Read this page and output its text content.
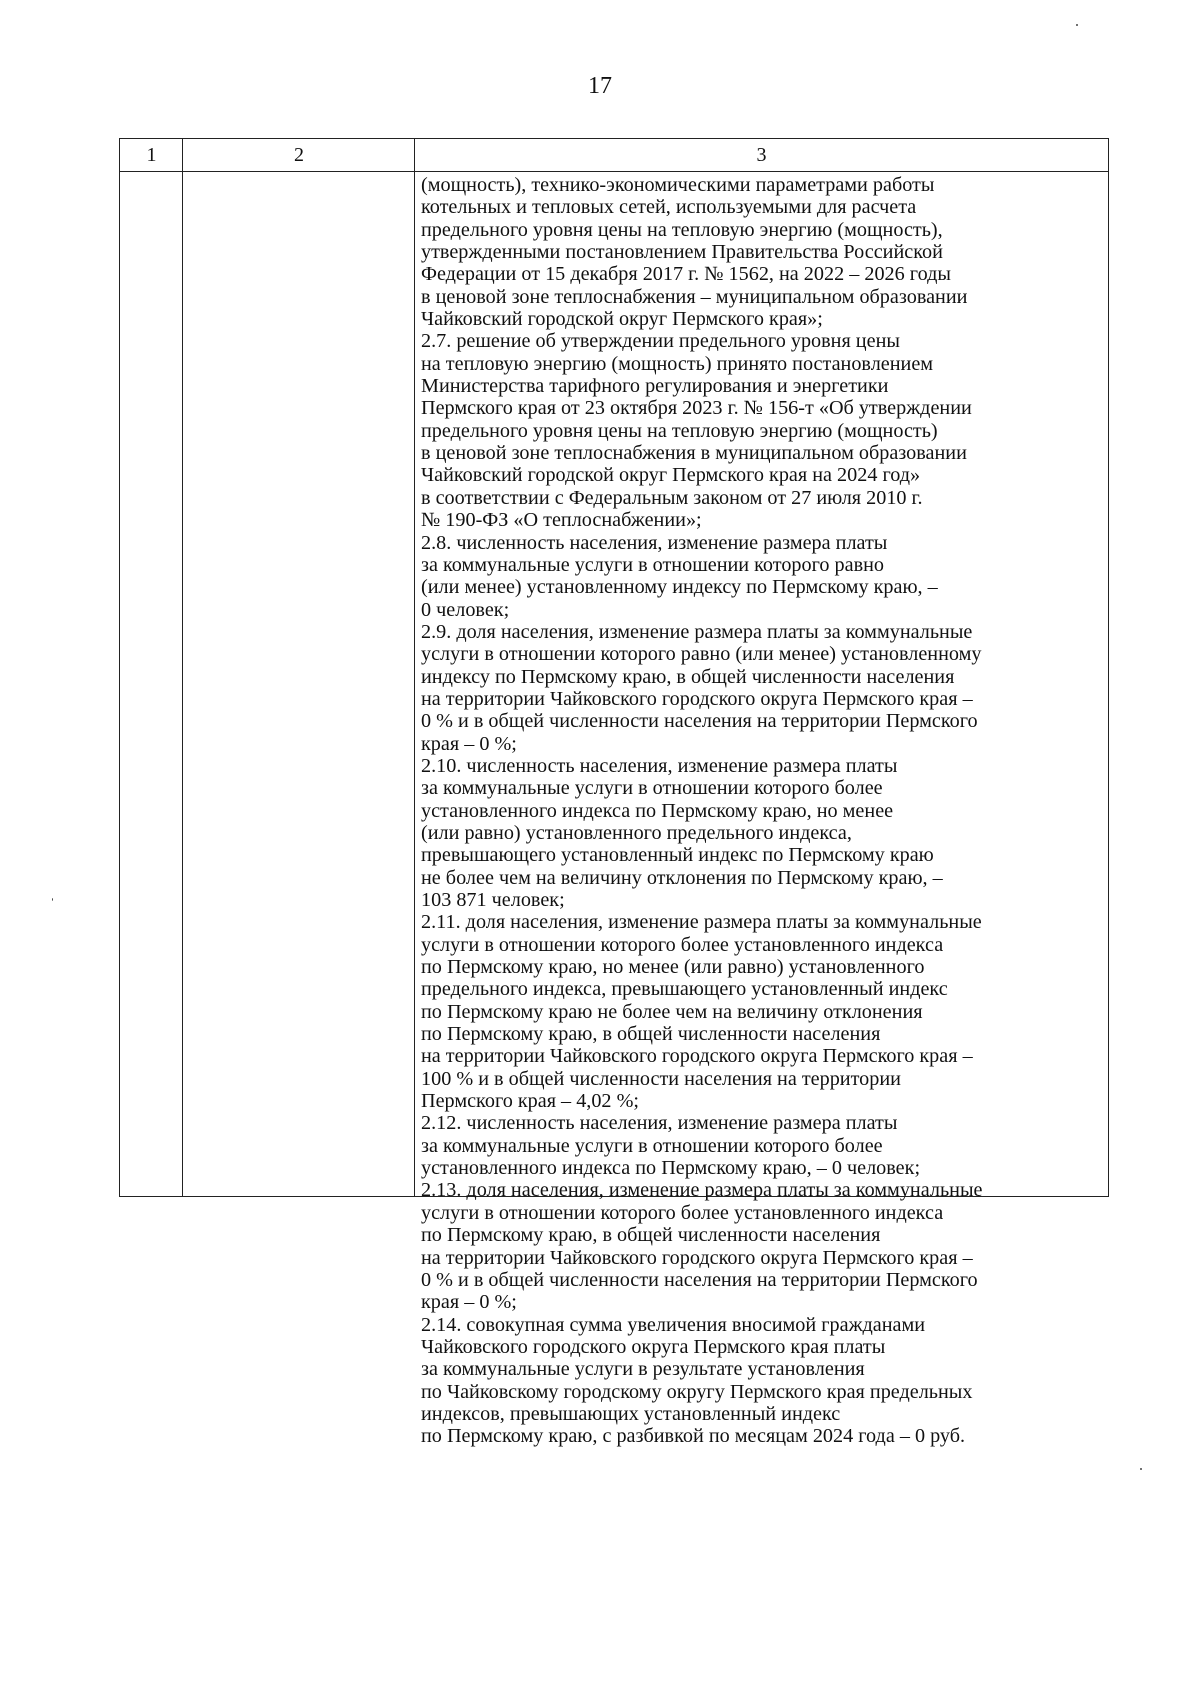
17
1	2	3
(мощность), технико-экономическими параметрами работы
котельных и тепловых сетей, используемыми для расчета
предельного уровня цены на тепловую энергию (мощность),
утвержденными постановлением Правительства Российской
Федерации от 15 декабря 2017 г. № 1562, на 2022 – 2026 годы
в ценовой зоне теплоснабжения – муниципальном образовании
Чайковский городской округ Пермского края»;
2.7. решение об утверждении предельного уровня цены
на тепловую энергию (мощность) принято постановлением
Министерства тарифного регулирования и энергетики
Пермского края от 23 октября 2023 г. № 156-т «Об утверждении
предельного уровня цены на тепловую энергию (мощность)
в ценовой зоне теплоснабжения в муниципальном образовании
Чайковский городской округ Пермского края на 2024 год»
в соответствии с Федеральным законом от 27 июля 2010 г.
№ 190-ФЗ «О теплоснабжении»;
2.8. численность населения, изменение размера платы
за коммунальные услуги в отношении которого равно
(или менее) установленному индексу по Пермскому краю, –
0 человек;
2.9. доля населения, изменение размера платы за коммунальные
услуги в отношении которого равно (или менее) установленному
индексу по Пермскому краю, в общей численности населения
на территории Чайковского городского округа Пермского края –
0 % и в общей численности населения на территории Пермского
края – 0 %;
2.10. численность населения, изменение размера платы
за коммунальные услуги в отношении которого более
установленного индекса по Пермскому краю, но менее
(или равно) установленного предельного индекса,
превышающего установленный индекс по Пермскому краю
не более чем на величину отклонения по Пермскому краю, –
103 871 человек;
2.11. доля населения, изменение размера платы за коммунальные
услуги в отношении которого более установленного индекса
по Пермскому краю, но менее (или равно) установленного
предельного индекса, превышающего установленный индекс
по Пермскому краю не более чем на величину отклонения
по Пермскому краю, в общей численности населения
на территории Чайковского городского округа Пермского края –
100 % и в общей численности населения на территории
Пермского края – 4,02 %;
2.12. численность населения, изменение размера платы
за коммунальные услуги в отношении которого более
установленного индекса по Пермскому краю, – 0 человек;
2.13. доля населения, изменение размера платы за коммунальные
услуги в отношении которого более установленного индекса
по Пермскому краю, в общей численности населения
на территории Чайковского городского округа Пермского края –
0 % и в общей численности населения на территории Пермского
края – 0 %;
2.14. совокупная сумма увеличения вносимой гражданами
Чайковского городского округа Пермского края платы
за коммунальные услуги в результате установления
по Чайковскому городскому округу Пермского края предельных
индексов, превышающих установленный индекс
по Пермскому краю, с разбивкой по месяцам 2024 года – 0 руб.
